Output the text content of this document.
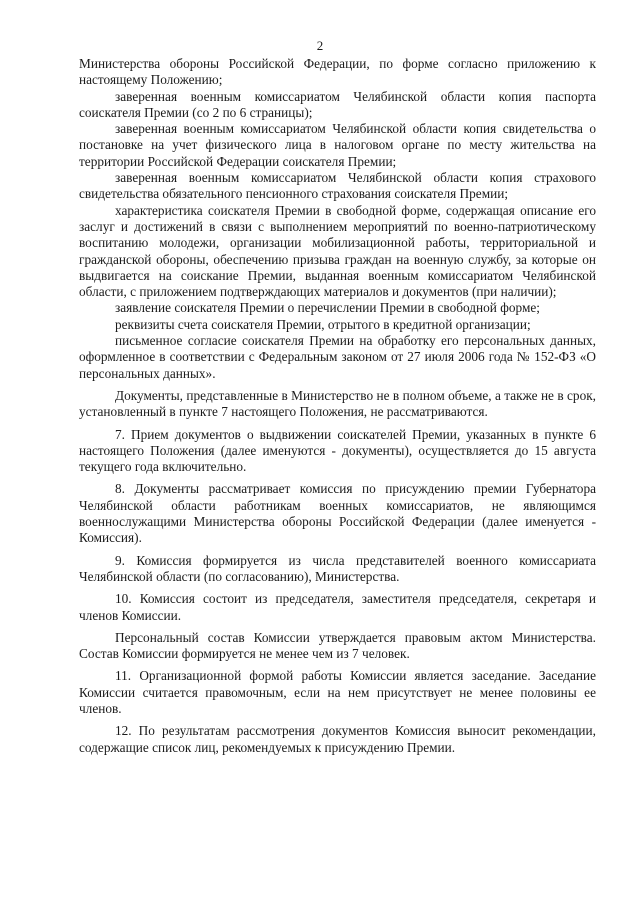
2

Министерства обороны Российской Федерации, по форме согласно приложению к настоящему Положению;

заверенная военным комиссариатом Челябинской области копия паспорта соискателя Премии (со 2 по 6 страницы);

заверенная военным комиссариатом Челябинской области копия свидетельства о постановке на учет физического лица в налоговом органе по месту жительства на территории Российской Федерации соискателя Премии;

заверенная военным комиссариатом Челябинской области копия страхового свидетельства обязательного пенсионного страхования соискателя Премии;

характеристика соискателя Премии в свободной форме, содержащая описание его заслуг и достижений в связи с выполнением мероприятий по военно-патриотическому воспитанию молодежи, организации мобилизационной работы, территориальной и гражданской обороны, обеспечению призыва граждан на военную службу, за которые он выдвигается на соискание Премии, выданная военным комиссариатом Челябинской области, с приложением подтверждающих материалов и документов (при наличии);

заявление соискателя Премии о перечислении Премии в свободной форме;

реквизиты счета соискателя Премии, отрытого в кредитной организации;

письменное согласие соискателя Премии на обработку его персональных данных, оформленное в соответствии с Федеральным законом от 27 июля 2006 года № 152-ФЗ «О персональных данных».

Документы, представленные в Министерство не в полном объеме, а также не в срок, установленный в пункте 7 настоящего Положения, не рассматриваются.

7. Прием документов о выдвижении соискателей Премии, указанных в пункте 6 настоящего Положения (далее именуются - документы), осуществляется до 15 августа текущего года включительно.

8. Документы рассматривает комиссия по присуждению премии Губернатора Челябинской области работникам военных комиссариатов, не являющимся военнослужащими Министерства обороны Российской Федерации (далее именуется - Комиссия).

9. Комиссия формируется из числа представителей военного комиссариата Челябинской области (по согласованию), Министерства.

10. Комиссия состоит из председателя, заместителя председателя, секретаря и членов Комиссии.

Персональный состав Комиссии утверждается правовым актом Министерства. Состав Комиссии формируется не менее чем из 7 человек.

11. Организационной формой работы Комиссии является заседание. Заседание Комиссии считается правомочным, если на нем присутствует не менее половины ее членов.

12. По результатам рассмотрения документов Комиссия выносит рекомендации, содержащие список лиц, рекомендуемых к присуждению Премии.
